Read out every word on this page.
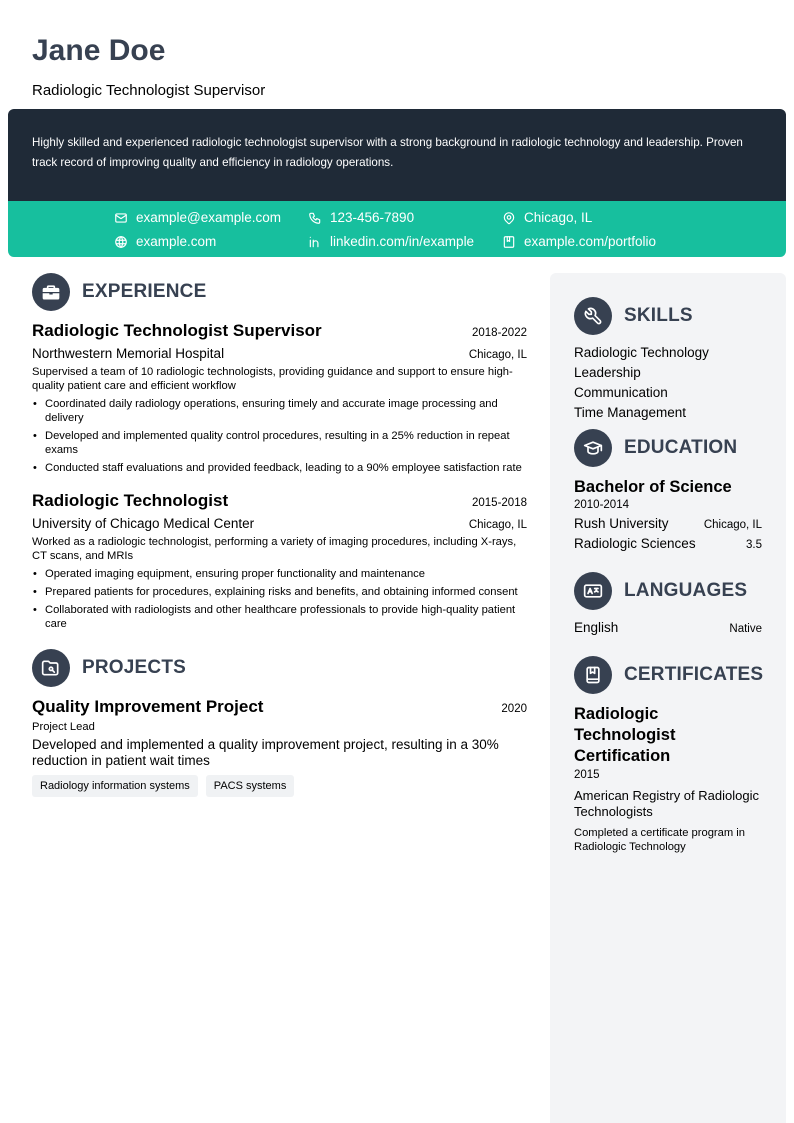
Jane Doe
Radiologic Technologist Supervisor

Highly skilled and experienced radiologic technologist supervisor with a strong background in radiologic technology and leadership. Proven track record of improving quality and efficiency in radiology operations.

example@example.com	123-456-7890	Chicago, IL
example.com	linkedin.com/in/example	example.com/portfolio
EXPERIENCE
Radiologic Technologist Supervisor	2018-2022
Northwestern Memorial Hospital	Chicago, IL
Supervised a team of 10 radiologic technologists, providing guidance and support to ensure high-quality patient care and efficient workflow
• Coordinated daily radiology operations, ensuring timely and accurate image processing and delivery
• Developed and implemented quality control procedures, resulting in a 25% reduction in repeat exams
• Conducted staff evaluations and provided feedback, leading to a 90% employee satisfaction rate
Radiologic Technologist	2015-2018
University of Chicago Medical Center	Chicago, IL
Worked as a radiologic technologist, performing a variety of imaging procedures, including X-rays, CT scans, and MRIs
• Operated imaging equipment, ensuring proper functionality and maintenance
• Prepared patients for procedures, explaining risks and benefits, and obtaining informed consent
• Collaborated with radiologists and other healthcare professionals to provide high-quality patient care
PROJECTS
Quality Improvement Project	2020
Project Lead
Developed and implemented a quality improvement project, resulting in a 30% reduction in patient wait times
Radiology information systems	PACS systems
SKILLS
Radiologic Technology
Leadership
Communication
Time Management
EDUCATION
Bachelor of Science
2010-2014
Rush University	Chicago, IL
Radiologic Sciences	3.5
LANGUAGES
English	Native
CERTIFICATES
Radiologic Technologist Certification
2015
American Registry of Radiologic Technologists
Completed a certificate program in Radiologic Technology
